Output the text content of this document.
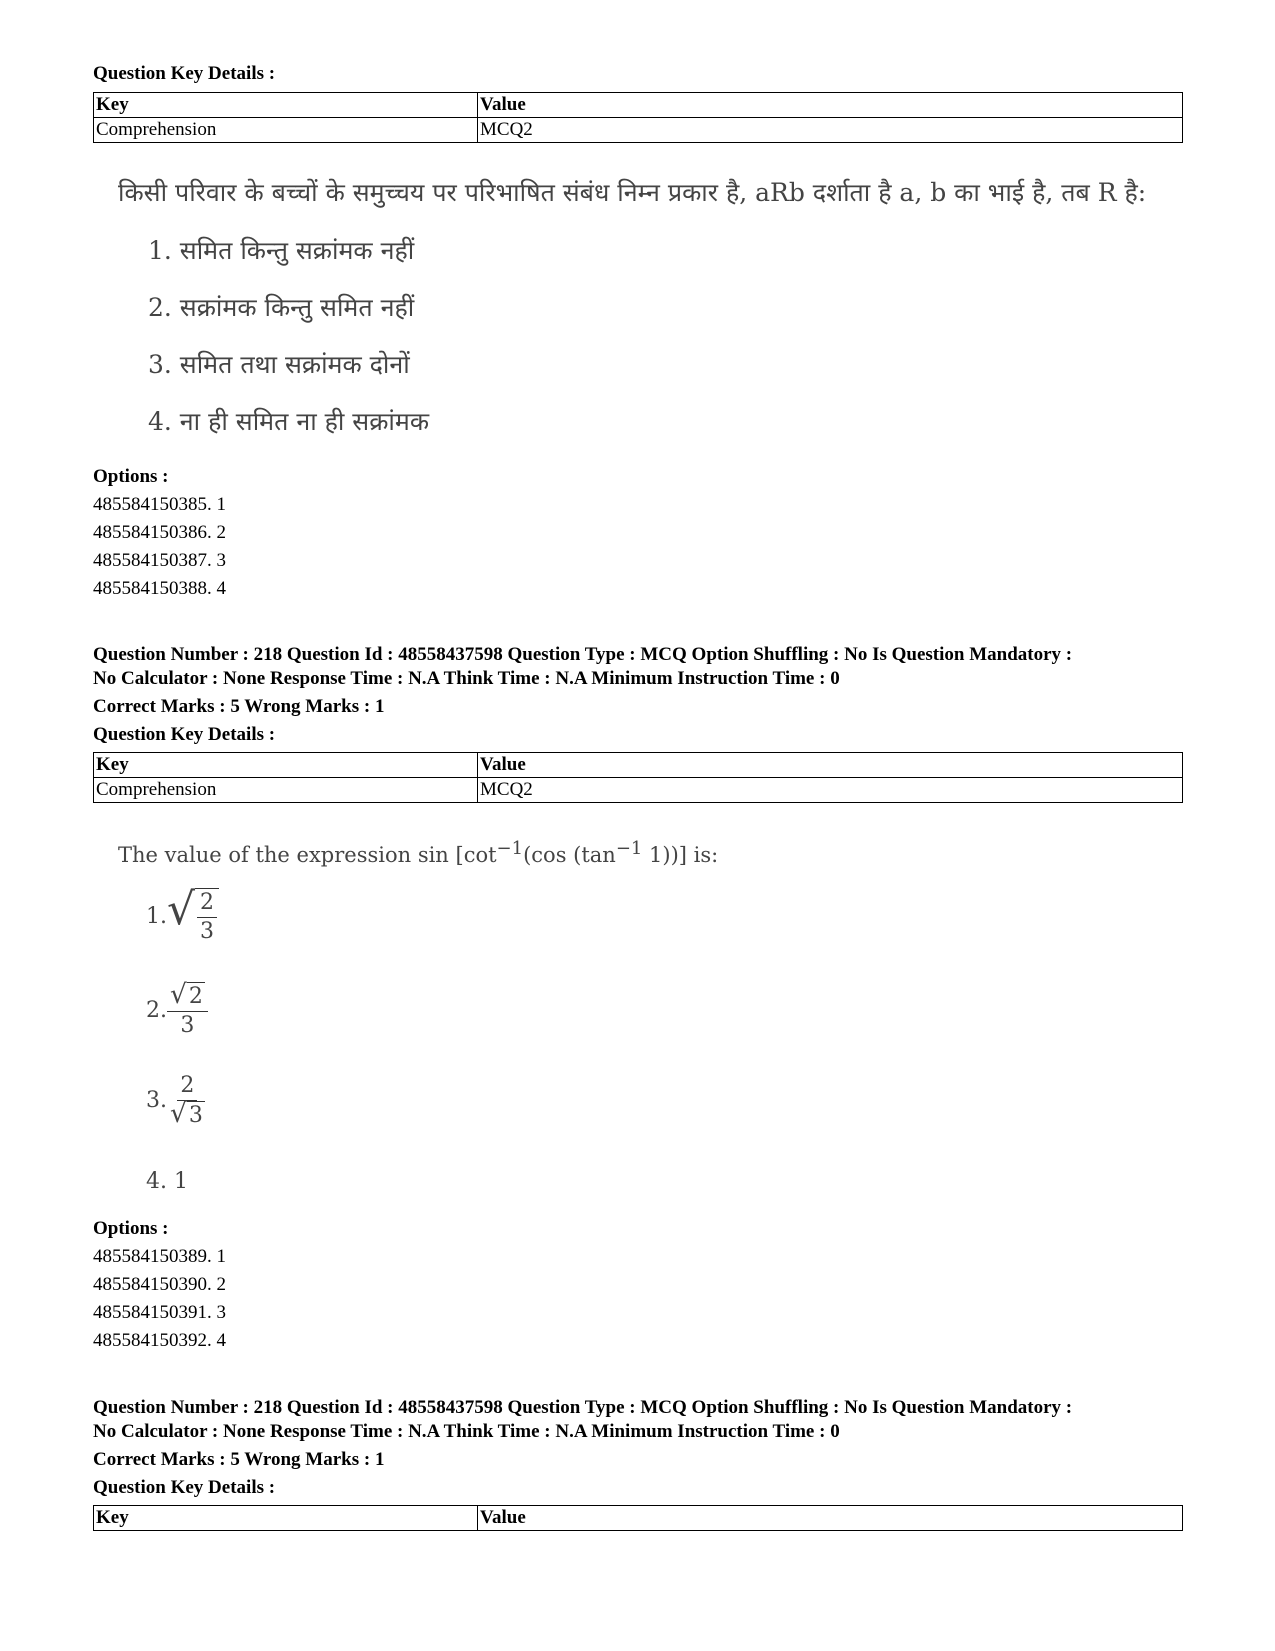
Question Key Details :
Key	Value
Comprehension	MCQ2
किसी परिवार के बच्चों के समुच्चय पर परिभाषित संबंध निम्न प्रकार है, aRb दर्शाता है a, b का भाई है, तब R है:
1. समित किन्तु सक्रांमक नहीं
2. सक्रांमक किन्तु समित नहीं
3. समित तथा सक्रांमक दोनों
4. ना ही समित ना ही सक्रांमक
Options :
485584150385. 1
485584150386. 2
485584150387. 3
485584150388. 4
Question Number : 218 Question Id : 48558437598 Question Type : MCQ Option Shuffling : No Is Question Mandatory :
No Calculator : None Response Time : N.A Think Time : N.A Minimum Instruction Time : 0
Correct Marks : 5 Wrong Marks : 1
Question Key Details :
Key	Value
Comprehension	MCQ2
The value of the expression $\sin [\cot^{-1}(\cos$ ($\tan^{-1}$ 1))] is:
1. √ $\frac{2}{3}$
2. $\frac{√ 2}{3}$
3. $\frac{2}{√ 3}$
4. 1
Options :
485584150389. 1
485584150390. 2
485584150391. 3
485584150392. 4
Question Number : 218 Question Id : 48558437598 Question Type : MCQ Option Shuffling : No Is Question Mandatory :
No Calculator : None Response Time : N.A Think Time : N.A Minimum Instruction Time : 0
Correct Marks : 5 Wrong Marks : 1
Question Key Details :
Key	Value
